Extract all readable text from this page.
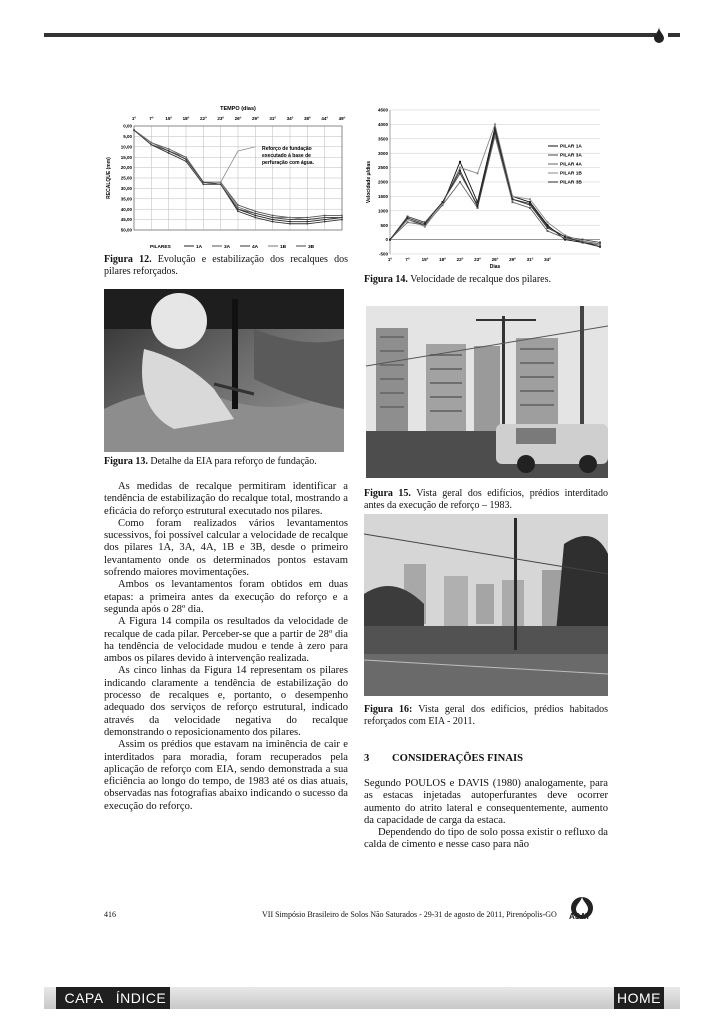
TEMPO (dias)
1º	7º	15º 18º 22º 23º 26º 29º 31º 34º 38º 44º 49º
0,00
5,00
10,00
15,00
20,00
25,00
30,00
35,00
40,00
45,00
50,00
RECALQUE (mm)
Reforço de fundação
executado à base de
perfuração com água.
PILARES	1A	3A	4A	1B	3B
Figura 12. Evolução e estabilização dos recalques dos pilares reforçados.
Figura 13. Detalhe da EIA para reforço de fundação.

As medidas de recalque permitiram identificar a tendência de estabilização do recalque total, mostrando a eficácia do reforço estrutural executado nos pilares.

Como foram realizados vários levantamentos sucessivos, foi possível calcular a velocidade de recalque dos pilares 1A, 3A, 4A, 1B e 3B, desde o primeiro levantamento onde os determinados pontos estavam sofrendo maiores movimentações.

Ambos os levantamentos foram obtidos em duas etapas: a primeira antes da execução do reforço e a segunda após o 28º dia.

A Figura 14 compila os resultados da velocidade de recalque de cada pilar. Perceber-se que a partir de 28º dia ha tendência de velocidade mudou e tende à zero para ambos os pilares devido à intervenção realizada.

As cinco linhas da Figura 14 representam os pilares indicando claramente a tendência de estabilização do processo de recalques e, portanto, o desempenho adequado dos serviços de reforço estrutural, indicado através da velocidade negativa do recalque demonstrando o reposicionamento dos pilares.

Assim os prédios que estavam na iminência de cair e interditados para moradia, foram recuperados pela aplicação de reforço com EIA, sendo demonstrada a sua eficiência ao longo do tempo, de 1983 até os dias atuais, observadas nas fotografias abaixo indicando o sucesso da execução do reforço.

4500
4000
3500
3000
2500
2000
1500
1000
500
0
-500
1º	7º	15º 18º 22º 23º 26º 29º 31º 34º
Dias
Velocidade μ/dias
PILAR 1A
PILAR 3A
PILAR 4A
PILAR 1B
PILAR 3B
Figura 14. Velocidade de recalque dos pilares.
Figura 15. Vista geral dos edifícios, prédios interditado antes da execução de reforço – 1983.
Figura 16: Vista geral dos edifícios, prédios habitados reforçados com EIA - 2011.
3 CONSIDERAÇÕES FINAIS

Segundo POULOS e DAVIS (1980) analogamente, para as estacas injetadas autoperfurantes deve ocorrer aumento do atrito lateral e consequentemente, aumento da capacidade de carga da estaca.

Dependendo do tipo de solo possa existir o refluxo da calda de cimento e nesse caso para não

416	VII Simpósio Brasileiro de Solos Não Saturados - 29-31 de agosto de 2011, Pirenópolis-GO ASAT
CAPA ÍNDICE	HOME
